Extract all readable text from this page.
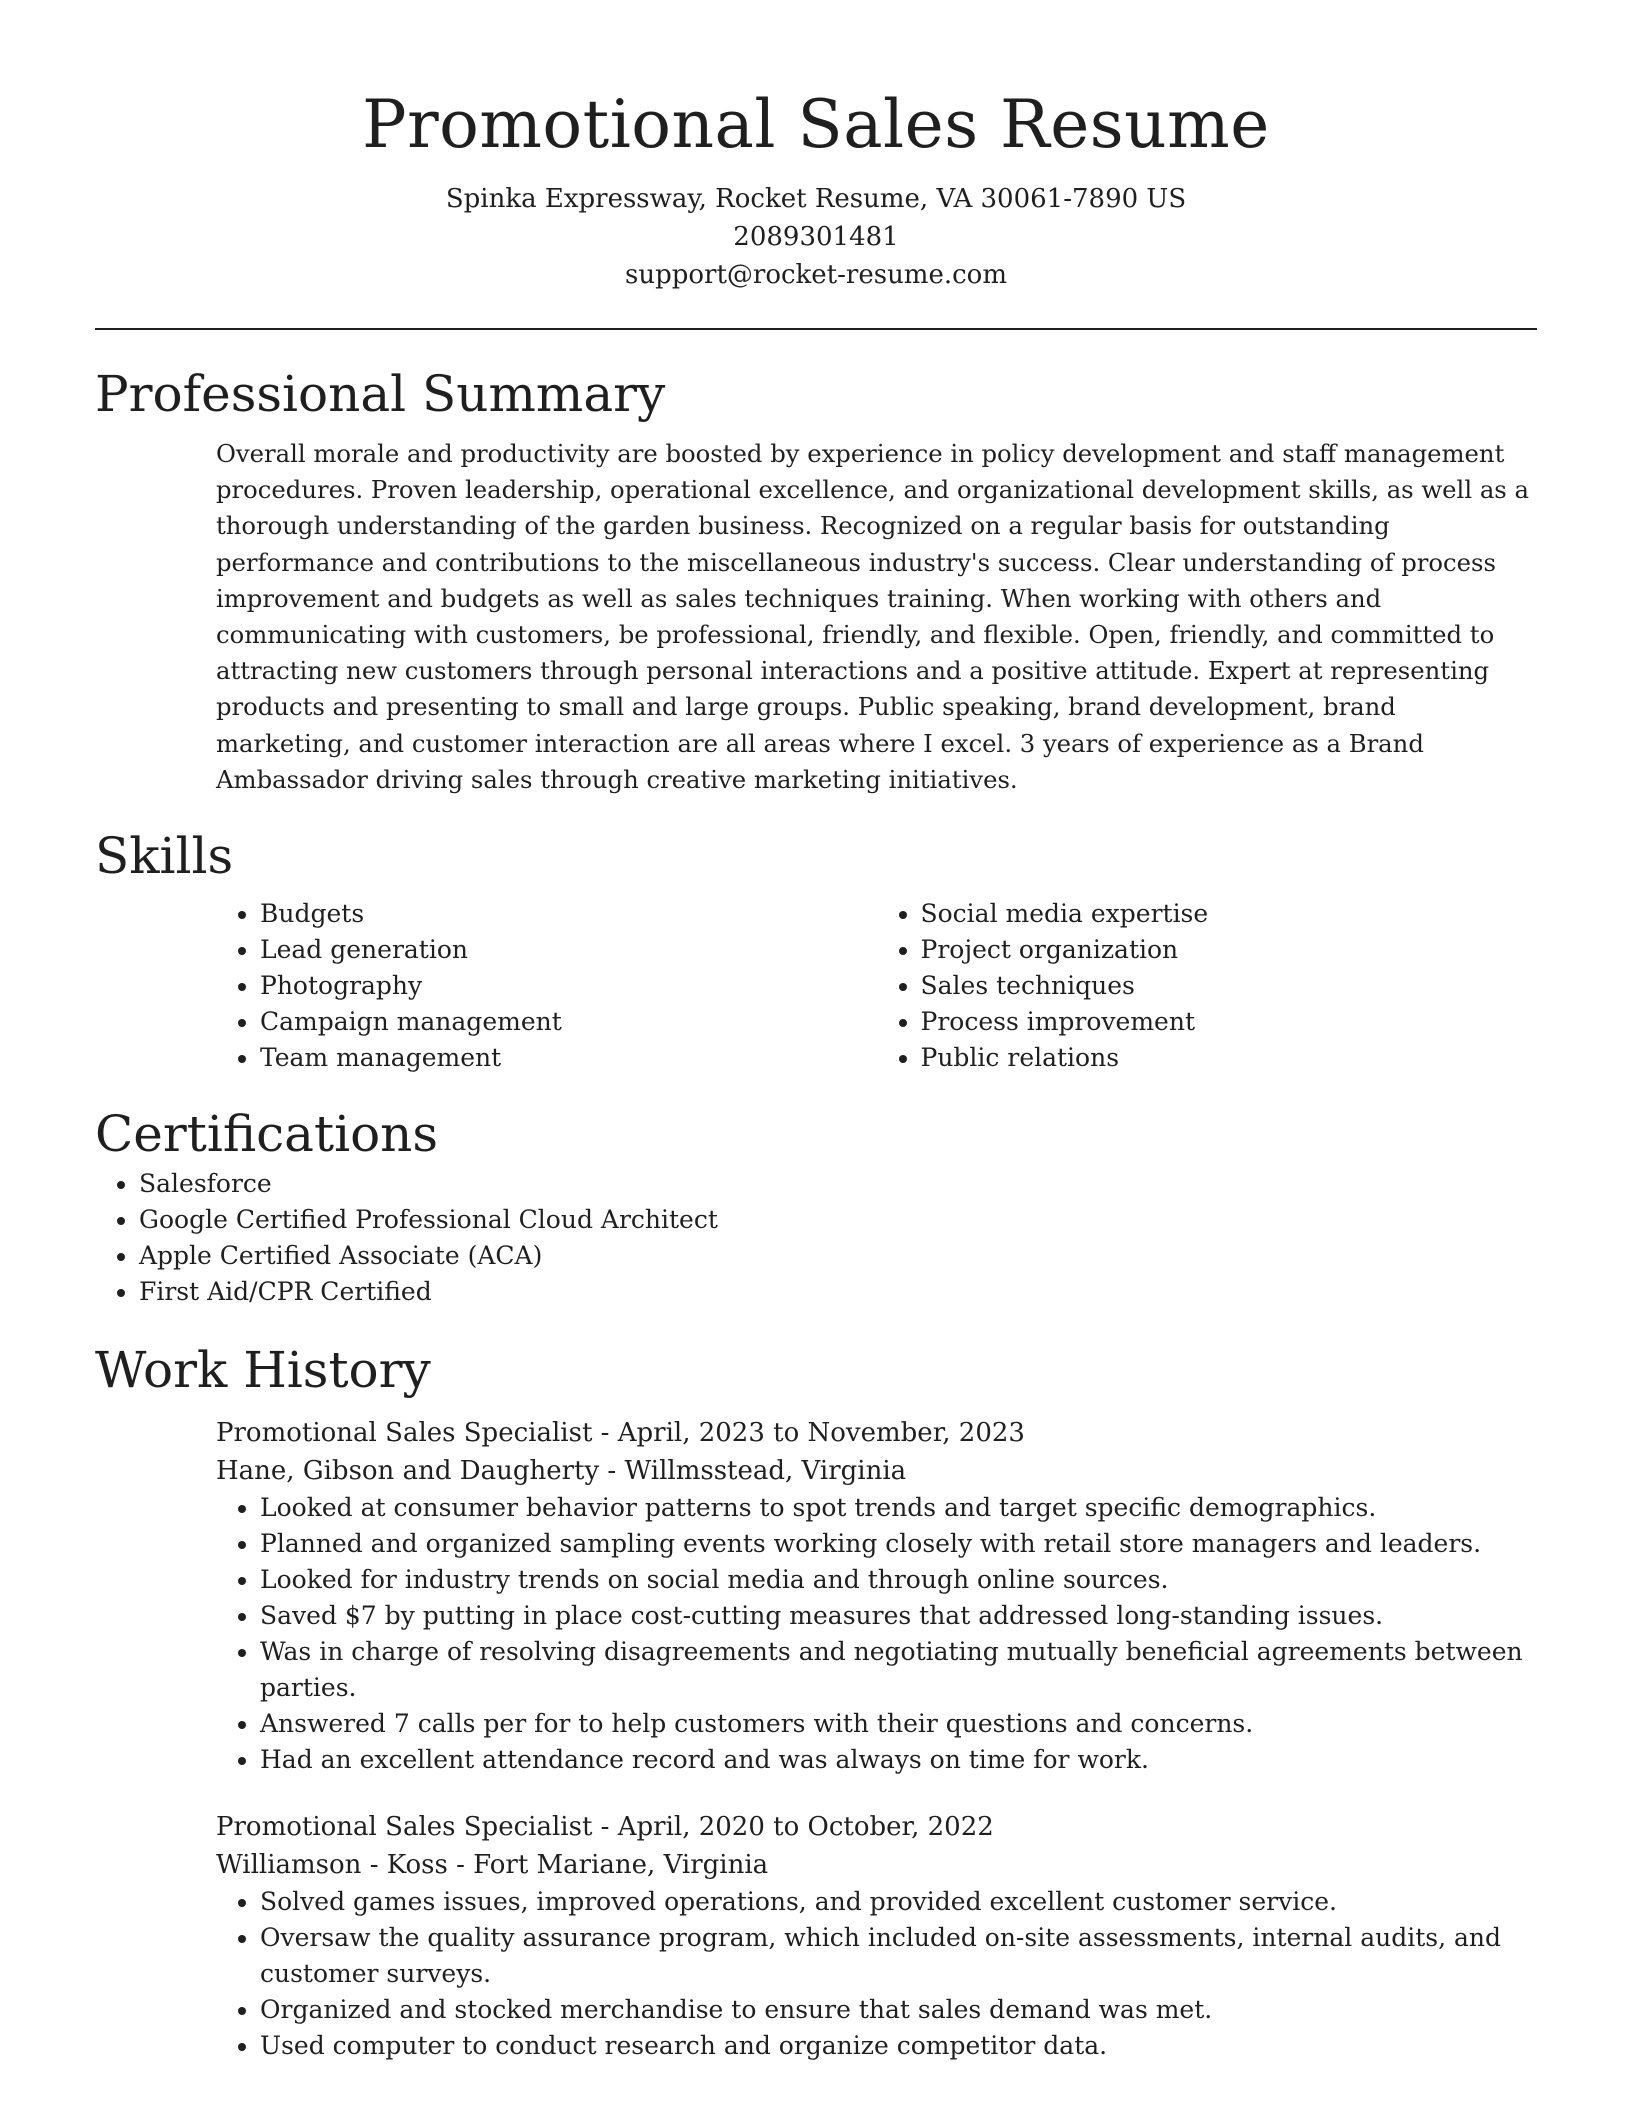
Promotional Sales Resume

Spinka Expressway, Rocket Resume, VA 30061-7890 US

2089301481

support@rocket-resume.com

Professional Summary

Overall morale and productivity are boosted by experience in policy development and staff management procedures. Proven leadership, operational excellence, and organizational development skills, as well as a thorough understanding of the garden business. Recognized on a regular basis for outstanding performance and contributions to the miscellaneous industry's success. Clear understanding of process improvement and budgets as well as sales techniques training. When working with others and communicating with customers, be professional, friendly, and flexible. Open, friendly, and committed to attracting new customers through personal interactions and a positive attitude. Expert at representing products and presenting to small and large groups. Public speaking, brand development, brand marketing, and customer interaction are all areas where I excel. 3 years of experience as a Brand Ambassador driving sales through creative marketing initiatives.

Skills
• Budgets
• Lead generation
• Photography
• Campaign management
• Team management
• Social media expertise
• Project organization
• Sales techniques
• Process improvement
• Public relations
Certifications
• Salesforce
• Google Certified Professional Cloud Architect
• Apple Certified Associate (ACA)
• First Aid/CPR Certified
Work History

Promotional Sales Specialist - April, 2023 to November, 2023

Hane, Gibson and Daugherty - Willmsstead, Virginia

• Looked at consumer behavior patterns to spot trends and target specific demographics.
• Planned and organized sampling events working closely with retail store managers and leaders.
• Looked for industry trends on social media and through online sources.
• Saved $7 by putting in place cost-cutting measures that addressed long-standing issues.
• Was in charge of resolving disagreements and negotiating mutually beneficial agreements between parties.
• Answered 7 calls per for to help customers with their questions and concerns.
• Had an excellent attendance record and was always on time for work.

Promotional Sales Specialist - April, 2020 to October, 2022

Williamson - Koss - Fort Mariane, Virginia

• Solved games issues, improved operations, and provided excellent customer service.
• Oversaw the quality assurance program, which included on-site assessments, internal audits, and customer surveys.
• Organized and stocked merchandise to ensure that sales demand was met.
• Used computer to conduct research and organize competitor data.
